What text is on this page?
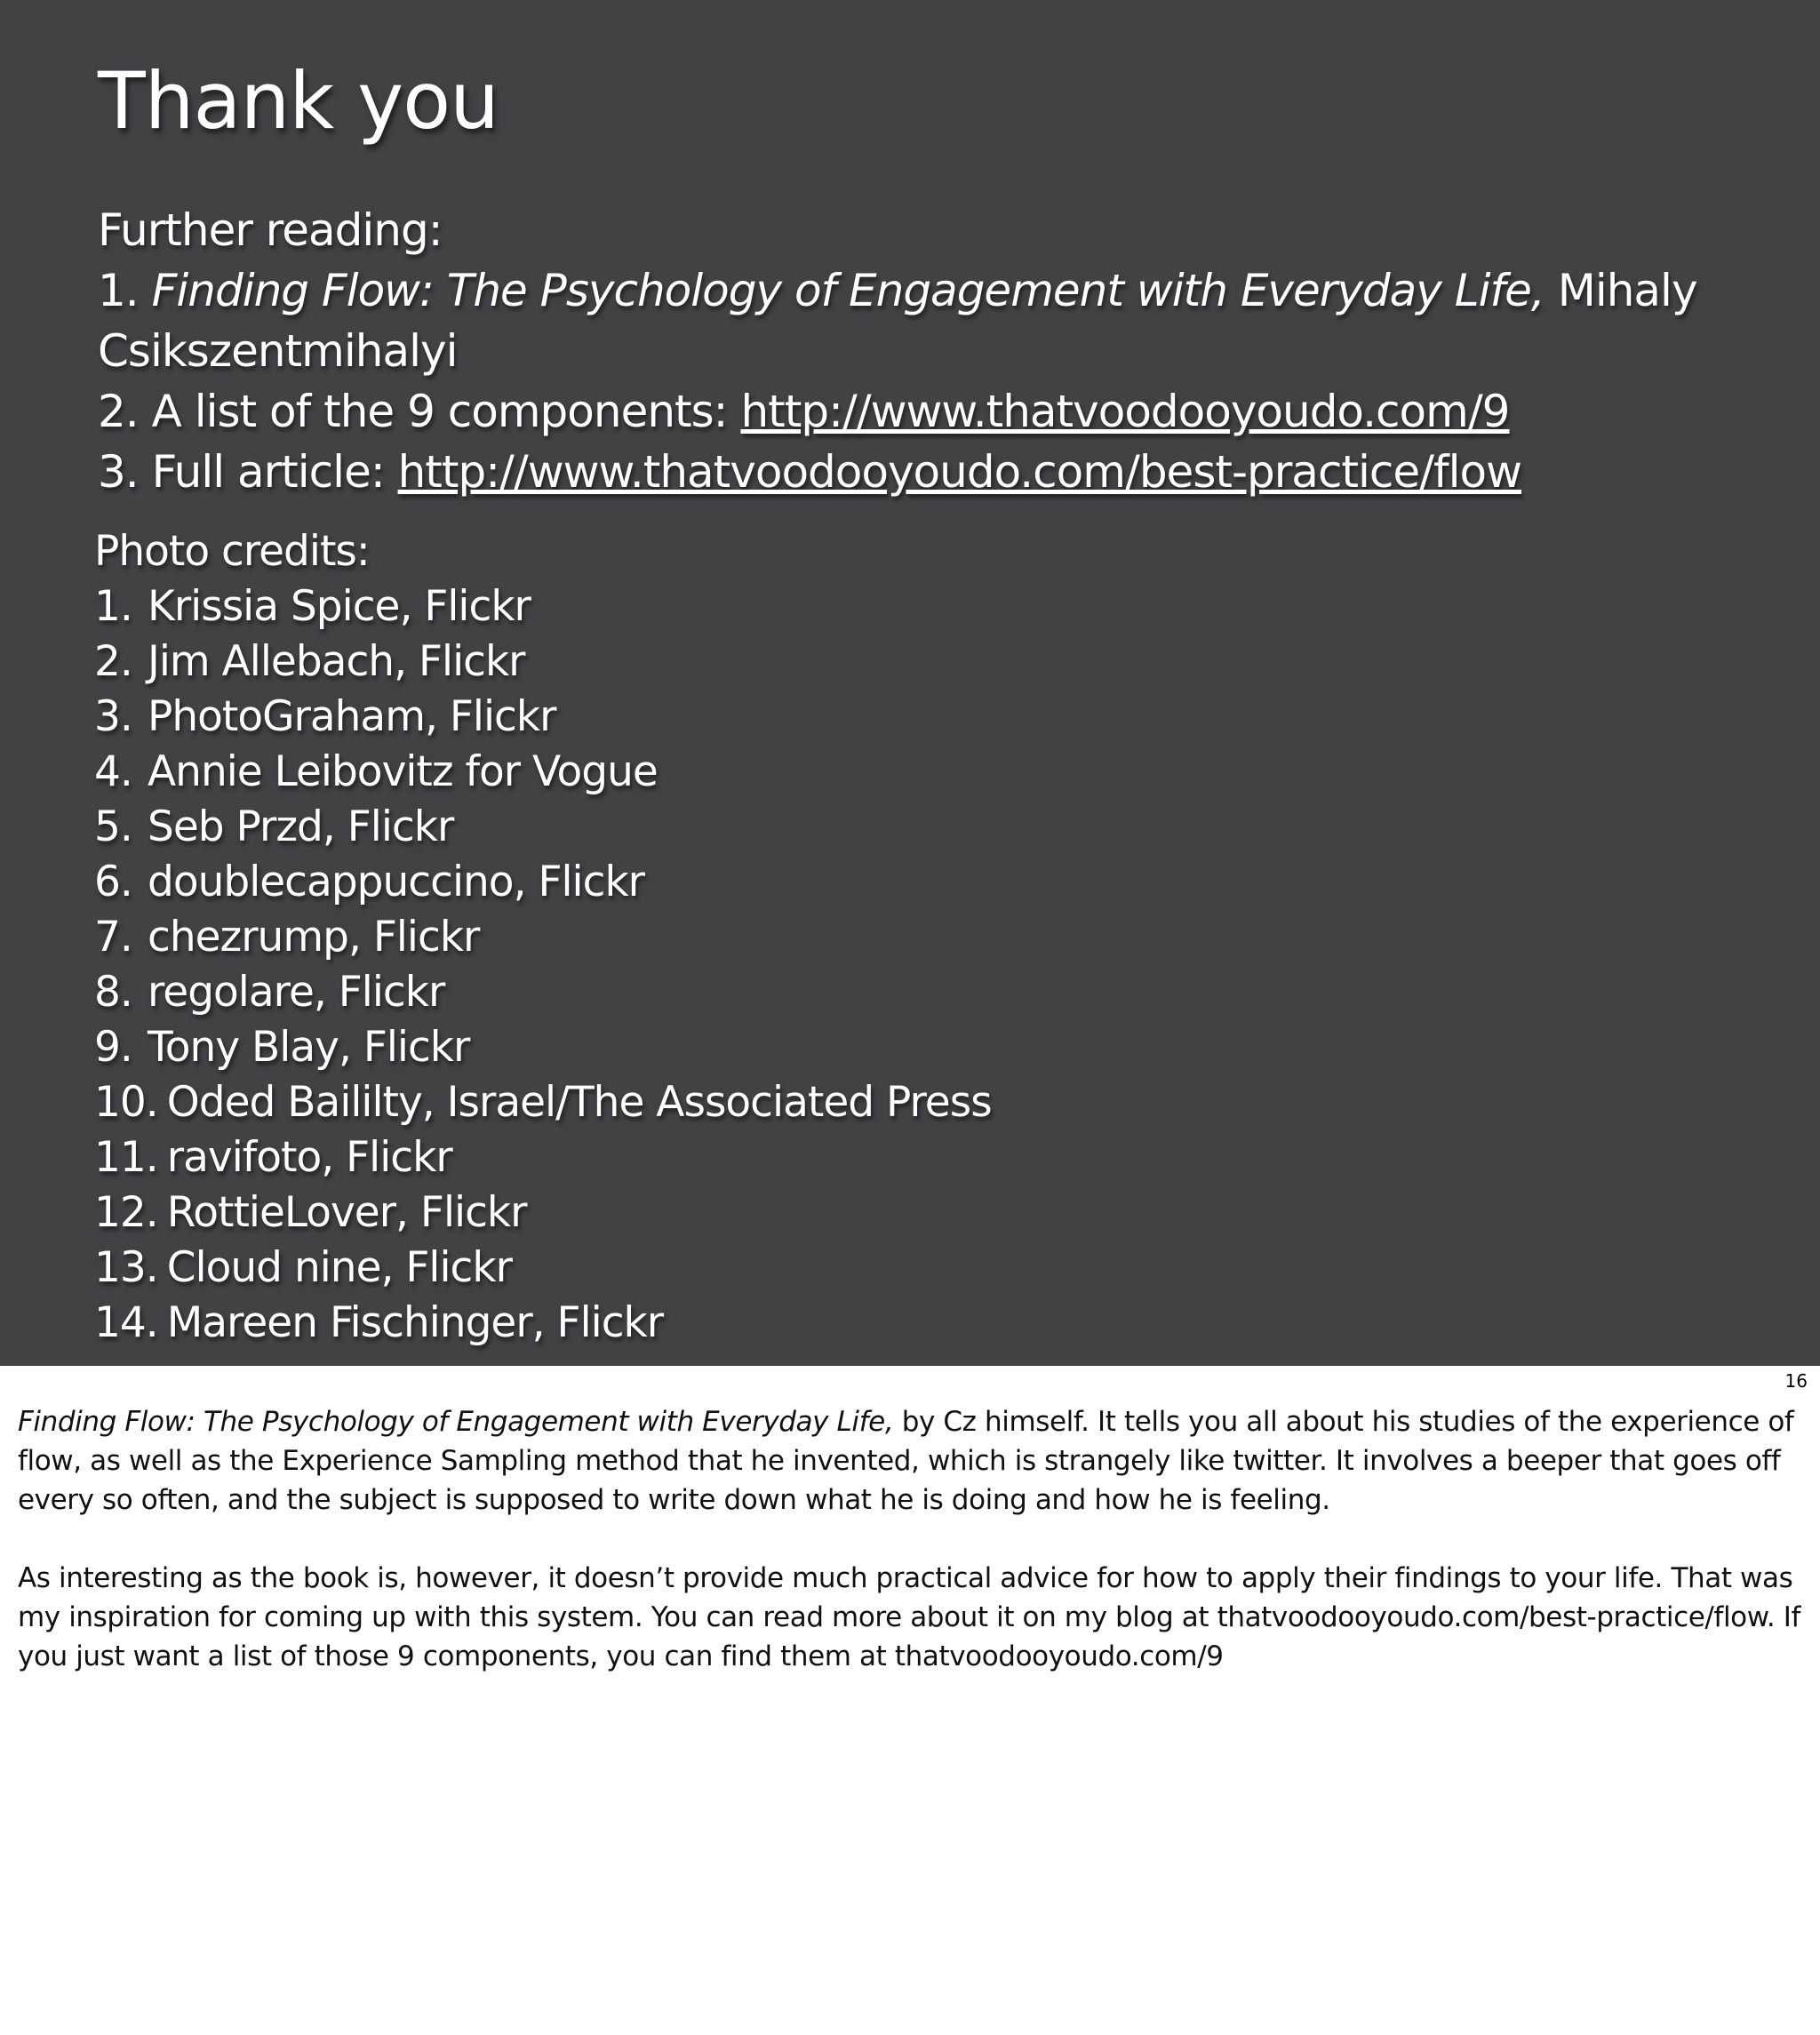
Thank you
Further reading:
1. Finding Flow: The Psychology of Engagement with Everyday Life, Mihaly
Csikszentmihalyi
2. A list of the 9 components: http://www.thatvoodooyoudo.com/9
3. Full article: http://www.thatvoodooyoudo.com/best-practice/flow
Photo credits:
1. Krissia Spice, Flickr
2. Jim Allebach, Flickr
3. PhotoGraham, Flickr
4. Annie Leibovitz for Vogue
5. Seb Przd, Flickr
6. doublecappuccino, Flickr
7. chezrump, Flickr
8. regolare, Flickr
9. Tony Blay, Flickr
10. Oded Baililty, Israel/The Associated Press
11. ravifoto, Flickr
12. RottieLover, Flickr
13. Cloud nine, Flickr
14. Mareen Fischinger, Flickr
16

Finding Flow: The Psychology of Engagement with Everyday Life, by Cz himself. It tells you all about his studies of the experience of flow, as well as the Experience Sampling method that he invented, which is strangely like twitter. It involves a beeper that goes off every so often, and the subject is supposed to write down what he is doing and how he is feeling.

As interesting as the book is, however, it doesn’t provide much practical advice for how to apply their findings to your life. That was my inspiration for coming up with this system. You can read more about it on my blog at thatvoodooyoudo.com/best-practice/flow. If you just want a list of those 9 components, you can find them at thatvoodooyoudo.com/9
